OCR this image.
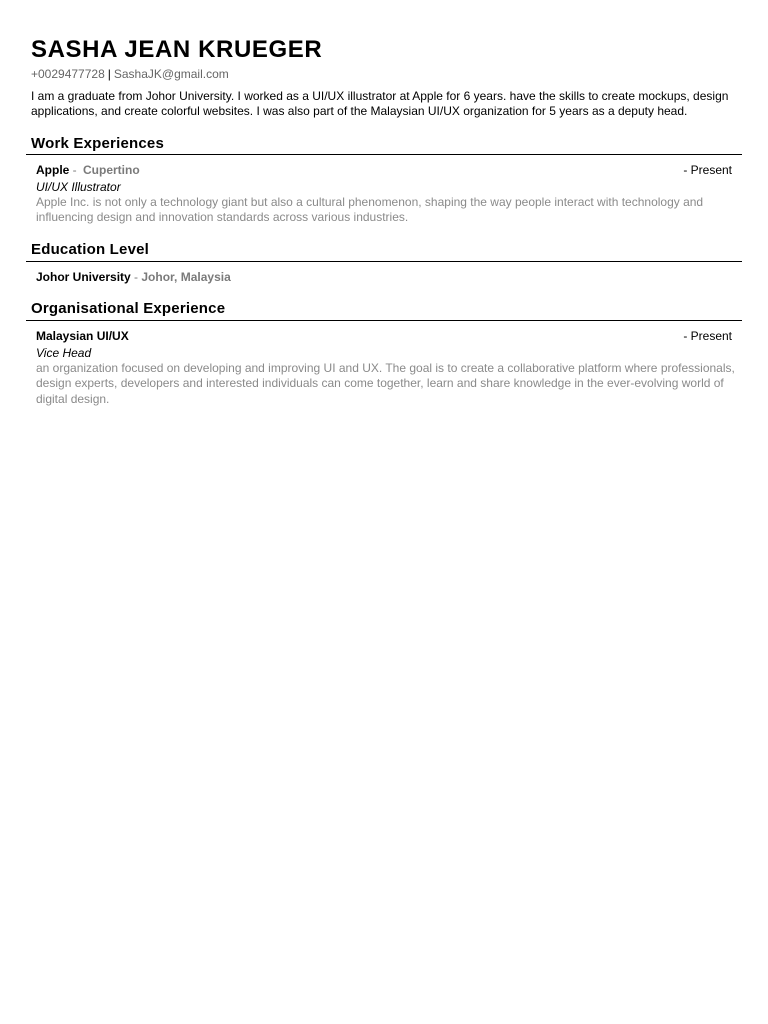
SASHA JEAN KRUEGER
+0029477728 | SashaJK@gmail.com
I am a graduate from Johor University. I worked as a UI/UX illustrator at Apple for 6 years. have the skills to create mockups, design applications, and create colorful websites. I was also part of the Malaysian UI/UX organization for 5 years as a deputy head.
Work Experiences
Apple - Cupertino	- Present
UI/UX Illustrator
Apple Inc. is not only a technology giant but also a cultural phenomenon, shaping the way people interact with technology and influencing design and innovation standards across various industries.
Education Level
Johor University - Johor, Malaysia
Organisational Experience
Malaysian UI/UX	- Present
Vice Head
an organization focused on developing and improving UI and UX. The goal is to create a collaborative platform where professionals, design experts, developers and interested individuals can come together, learn and share knowledge in the ever-evolving world of digital design.
